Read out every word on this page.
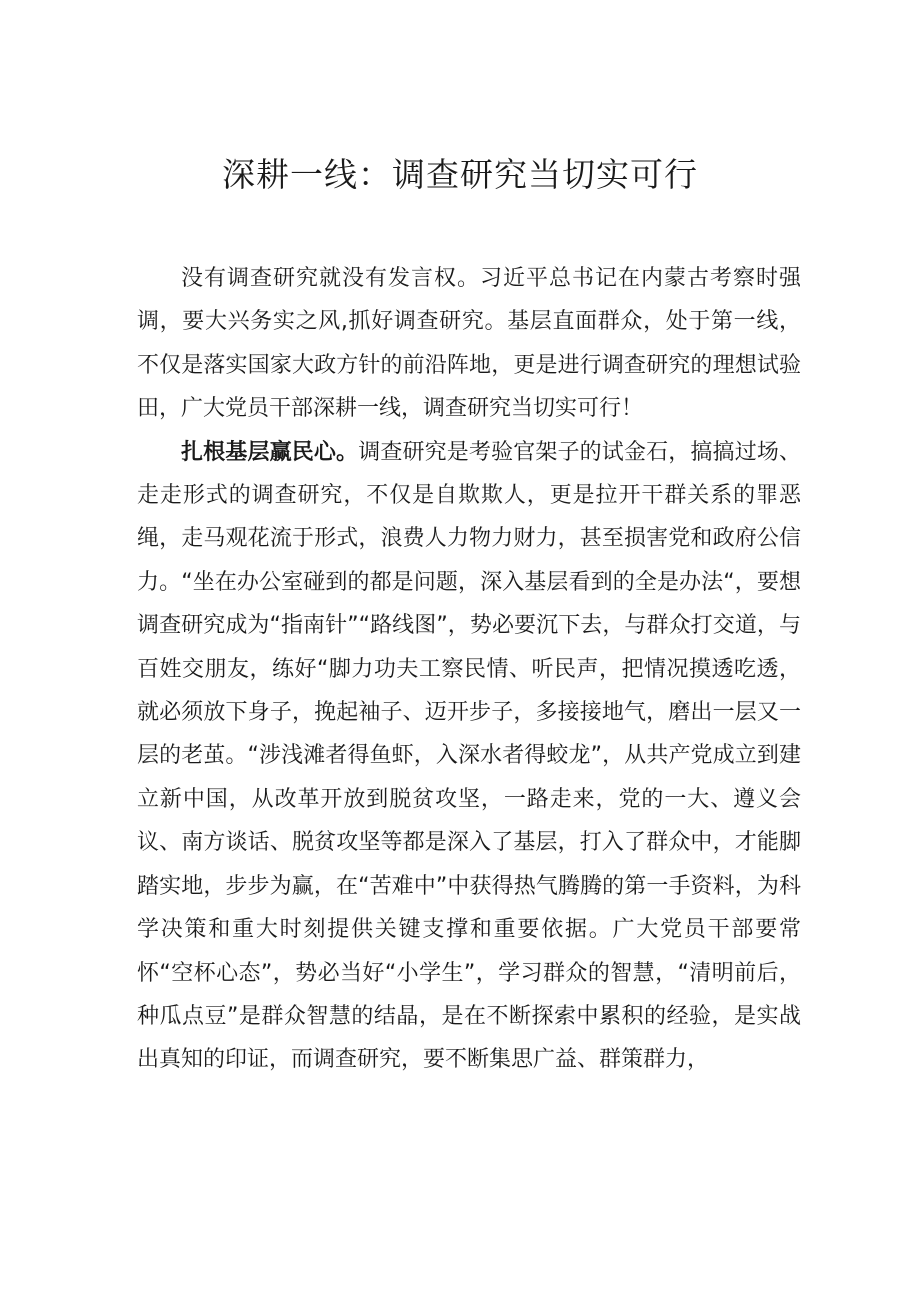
深耕一线：调查研究当切实可行

没有调查研究就没有发言权。习近平总书记在内蒙古考察时强调，要大兴务实之风,抓好调查研究。基层直面群众，处于第一线，不仅是落实国家大政方针的前沿阵地，更是进行调查研究的理想试验田，广大党员干部深耕一线，调查研究当切实可行！

扎根基层赢民心。调查研究是考验官架子的试金石，搞搞过场、走走形式的调查研究，不仅是自欺欺人，更是拉开干群关系的罪恶绳，走马观花流于形式，浪费人力物力财力，甚至损害党和政府公信力。“坐在办公室碰到的都是问题，深入基层看到的全是办法“，要想调查研究成为“指南针”“路线图”，势必要沉下去，与群众打交道，与百姓交朋友，练好“脚力功夫工察民情、听民声，把情况摸透吃透，就必须放下身子，挽起袖子、迈开步子，多接接地气，磨出一层又一层的老茧。“涉浅滩者得鱼虾，入深水者得蛟龙”，从共产党成立到建立新中国，从改革开放到脱贫攻坚，一路走来，党的一大、遵义会议、南方谈话、脱贫攻坚等都是深入了基层，打入了群众中，才能脚踏实地，步步为赢，在“苦难中”中获得热气腾腾的第一手资料，为科学决策和重大时刻提供关键支撑和重要依据。广大党员干部要常怀“空杯心态”，势必当好“小学生”，学习群众的智慧，“清明前后，种瓜点豆”是群众智慧的结晶，是在不断探索中累积的经验，是实战出真知的印证，而调查研究，要不断集思广益、群策群力，
